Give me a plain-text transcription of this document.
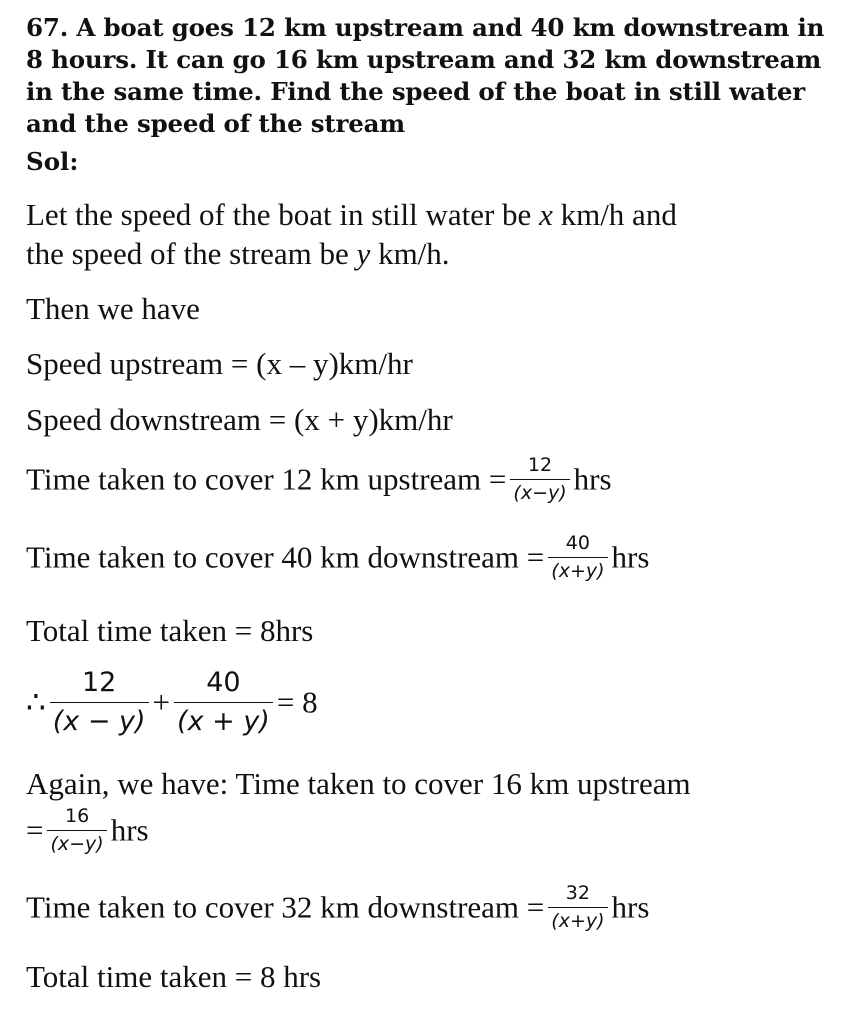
67. A boat goes 12 km upstream and 40 km downstream in 8 hours. It can go 16 km upstream and 32 km downstream in the same time. Find the speed of the boat in still water and the speed of the stream
Sol:
Let the speed of the boat in still water be x km/h and
the speed of the stream be y km/h.
Then we have
Speed upstream = (x – y)km/hr
Speed downstream = (x + y)km/hr
Time taken to cover 12 km upstream = $\frac{12}{(x-y)}$ hrs
Time taken to cover 40 km downstream = $\frac{40}{(x+y)}$ hrs
Total time taken = 8hrs
∴ $\frac{12}{(x - y)} + \frac{40}{(x + y)} = 8$
Again, we have: Time taken to cover 16 km upstream
= $\frac{16}{(x-y)}$ hrs
Time taken to cover 32 km downstream = $\frac{32}{(x+y)}$ hrs
Total time taken = 8 hrs
